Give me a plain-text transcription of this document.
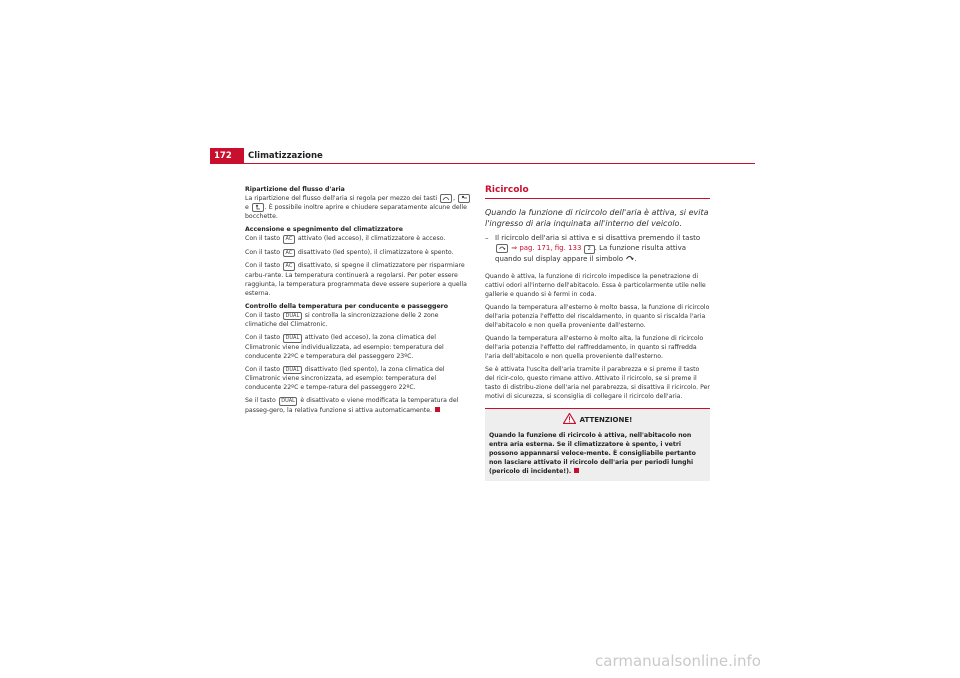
172	Climatizzazione
Ripartizione del flusso d'aria

La ripartizione del flusso dell'aria si regola per mezzo dei tasti	,  e	. È possibile inoltre aprire e chiudere separatamente alcune delle bocchette.

Accensione e spegnimento del climatizzatore

Con il tasto AC attivato (led acceso), il climatizzatore è acceso.

Con il tasto AC disattivato (led spento), il climatizzatore è spento.

Con il tasto AC disattivato, si spegne il climatizzatore per risparmiare carbu-rante. La temperatura continuerà a regolarsi. Per poter essere raggiunta, la temperatura programmata deve essere superiore a quella esterna.

Controllo della temperatura per conducente e passeggero

Con il tasto DUAL si controlla la sincronizzazione delle 2 zone climatiche del Climatronic.

Con il tasto DUAL attivato (led acceso), la zona climatica del Climatronic viene individualizzata, ad esempio: temperatura del conducente 22ºC e temperatura del passeggero 23ºC.

Con il tasto DUAL disattivato (led spento), la zona climatica del Climatronic viene sincronizzata, ad esempio: temperatura del conducente 22ºC e tempe-ratura del passeggero 22ºC.

Se il tasto DUAL è disattivato e viene modificata la temperatura del passeg-gero, la relativa funzione si attiva automaticamente.

Ricircolo

Quando la funzione di ricircolo dell'aria è attiva, si evita l'ingresso di aria inquinata all'interno del veicolo.

– Il ricircolo dell'aria si attiva e si disattiva premendo il tasto  ⇒ pag. 171, fig. 133 2 . La funzione risulta attiva quando sul display appare il simbolo .

Quando è attiva, la funzione di ricircolo impedisce la penetrazione di cattivi odori all'interno dell'abitacolo. Essa è particolarmente utile nelle gallerie e quando si è fermi in coda.

Quando la temperatura all'esterno è molto bassa, la funzione di ricircolo dell'aria potenzia l'effetto del riscaldamento, in quanto si riscalda l'aria dell'abitacolo e non quella proveniente dall'esterno.

Quando la temperatura all'esterno è molto alta, la funzione di ricircolo dell'aria potenzia l'effetto del raffreddamento, in quanto si raffredda l'aria dell'abitacolo e non quella proveniente dall'esterno.

Se è attivata l'uscita dell'aria tramite il parabrezza e si preme il tasto del ricir-colo, questo rimane attivo. Attivato il ricircolo, se si preme il tasto di distribu-zione dell'aria nel parabrezza, si disattiva il ricircolo. Per motivi di sicurezza, si sconsiglia di collegare il ricircolo dell'aria.

ATTENZIONE!
Quando la funzione di ricircolo è attiva, nell'abitacolo non entra aria esterna. Se il climatizzatore è spento, i vetri possono appannarsi veloce-mente. È consigliabile pertanto non lasciare attivato il ricircolo dell'aria per periodi lunghi (pericolo di incidente!).
carmanualsonline.info
